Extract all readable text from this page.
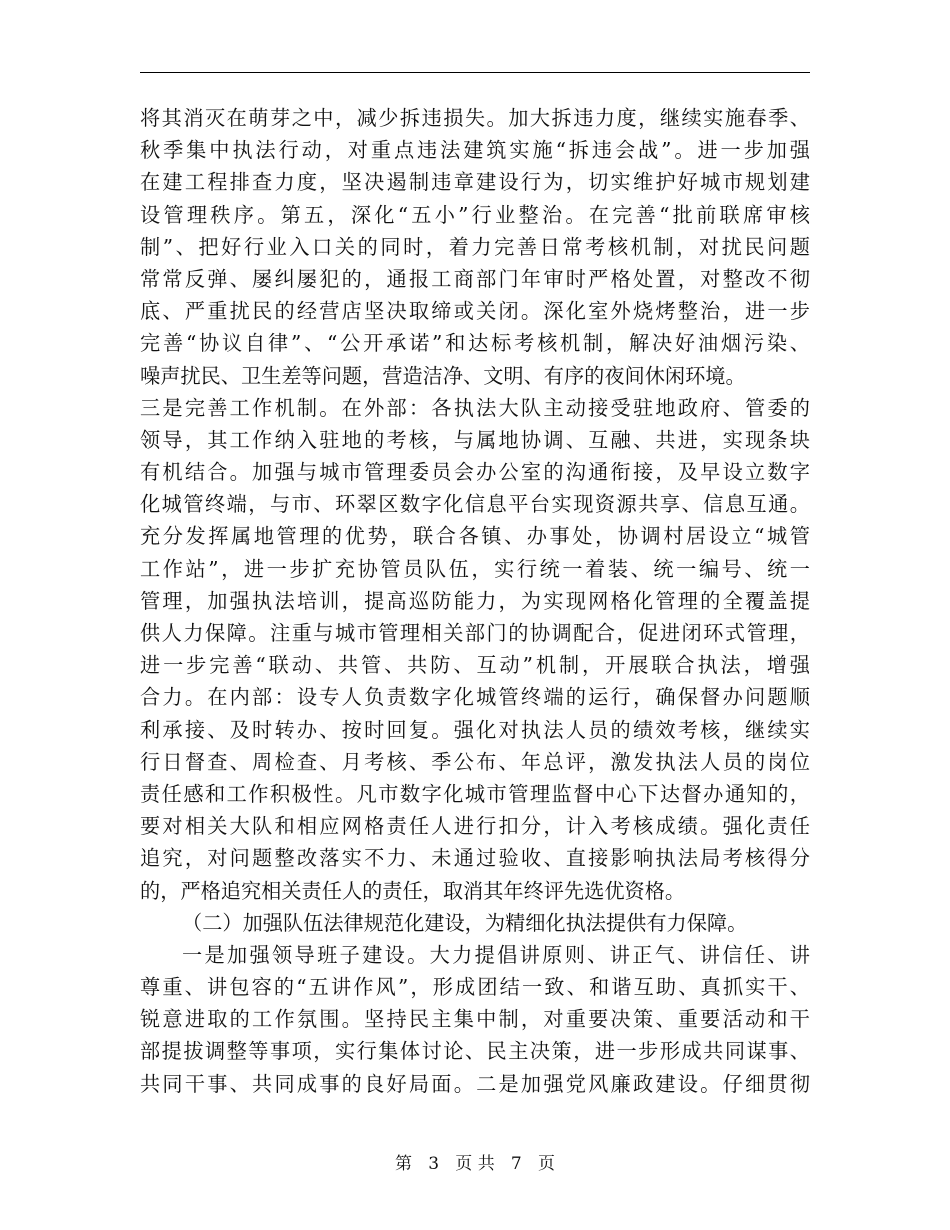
将其消灭在萌芽之中，减少拆违损失。加大拆违力度，继续实施春季、
秋季集中执法行动，对重点违法建筑实施“拆违会战”。进一步加强
在建工程排查力度，坚决遏制违章建设行为，切实维护好城市规划建
设管理秩序。第五，深化“五小”行业整治。在完善“批前联席审核
制”、把好行业入口关的同时，着力完善日常考核机制，对扰民问题
常常反弹、屡纠屡犯的，通报工商部门年审时严格处置，对整改不彻
底、严重扰民的经营店坚决取缔或关闭。深化室外烧烤整治，进一步
完善“协议自律”、“公开承诺”和达标考核机制，解决好油烟污染、
噪声扰民、卫生差等问题，营造洁净、文明、有序的夜间休闲环境。
三是完善工作机制。在外部：各执法大队主动接受驻地政府、管委的
领导，其工作纳入驻地的考核，与属地协调、互融、共进，实现条块
有机结合。加强与城市管理委员会办公室的沟通衔接，及早设立数字
化城管终端，与市、环翠区数字化信息平台实现资源共享、信息互通。
充分发挥属地管理的优势，联合各镇、办事处，协调村居设立“城管
工作站”，进一步扩充协管员队伍，实行统一着装、统一编号、统一
管理，加强执法培训，提高巡防能力，为实现网格化管理的全覆盖提
供人力保障。注重与城市管理相关部门的协调配合，促进闭环式管理，
进一步完善“联动、共管、共防、互动”机制，开展联合执法，增强
合力。在内部：设专人负责数字化城管终端的运行，确保督办问题顺
利承接、及时转办、按时回复。强化对执法人员的绩效考核，继续实
行日督查、周检查、月考核、季公布、年总评，激发执法人员的岗位
责任感和工作积极性。凡市数字化城市管理监督中心下达督办通知的，
要对相关大队和相应网格责任人进行扣分，计入考核成绩。强化责任
追究，对问题整改落实不力、未通过验收、直接影响执法局考核得分
的，严格追究相关责任人的责任，取消其年终评先选优资格。
（二）加强队伍法律规范化建设，为精细化执法提供有力保障。
一是加强领导班子建设。大力提倡讲原则、讲正气、讲信任、讲
尊重、讲包容的“五讲作风”，形成团结一致、和谐互助、真抓实干、
锐意进取的工作氛围。坚持民主集中制，对重要决策、重要活动和干
部提拔调整等事项，实行集体讨论、民主决策，进一步形成共同谋事、
共同干事、共同成事的良好局面。二是加强党风廉政建设。仔细贯彻
第 3 页 共 7 页
